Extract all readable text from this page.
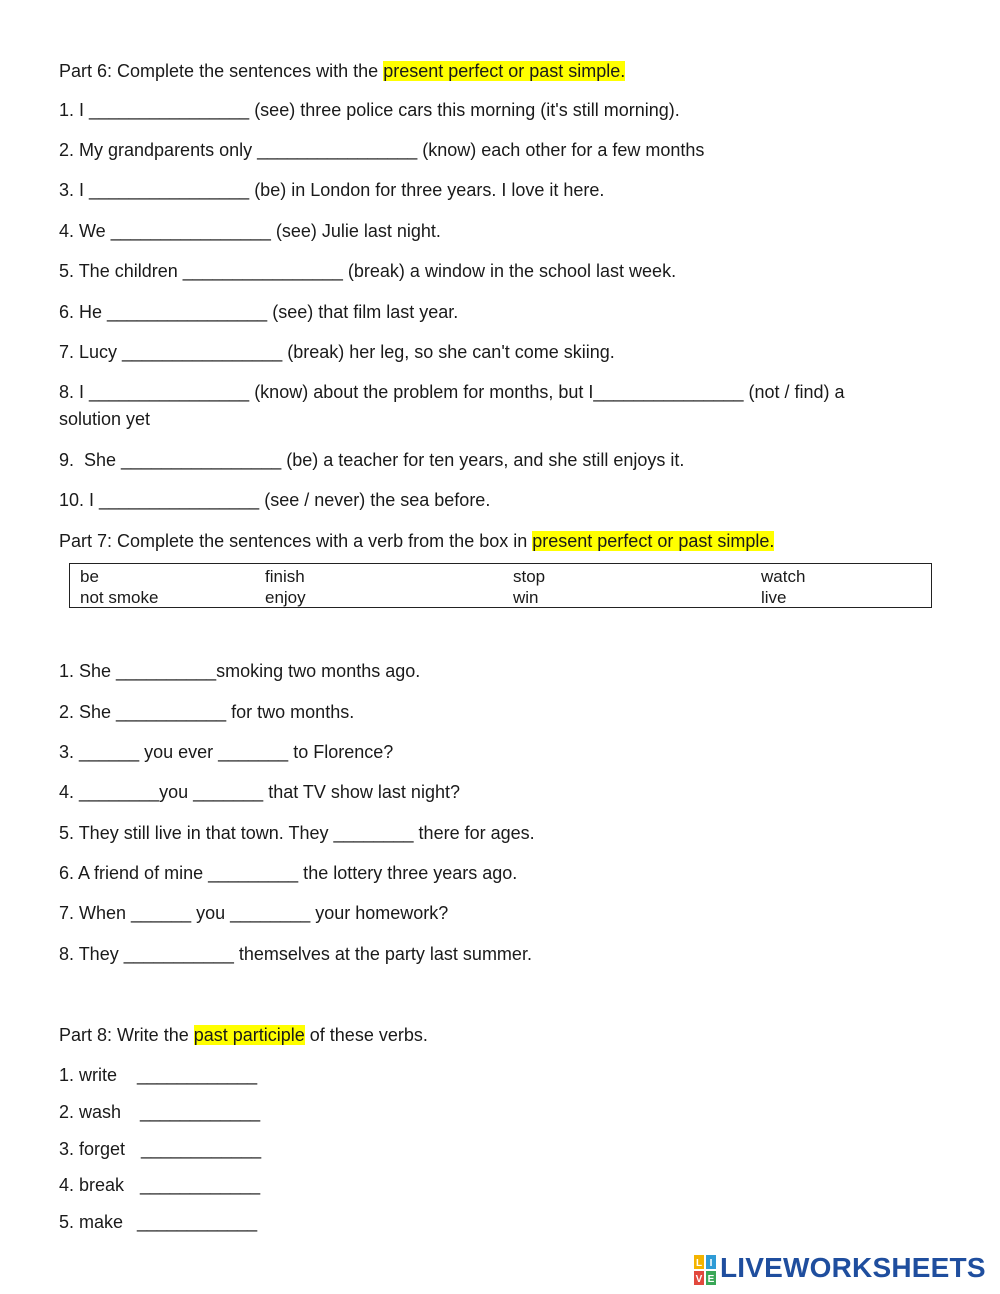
Part 6: Complete the sentences with the present perfect or past simple.
1. I ________________ (see) three police cars this morning (it's still morning).
2. My grandparents only ________________ (know) each other for a few months
3. I ________________ (be) in London for three years. I love it here.
4. We ________________ (see) Julie last night.
5. The children ________________ (break) a window in the school last week.
6. He ________________ (see) that film last year.
7. Lucy ________________ (break) her leg, so she can't come skiing.
8. I ________________ (know) about the problem for months, but I_______________ (not / find) a
solution yet
9.  She ________________ (be) a teacher for ten years, and she still enjoys it.
10. I ________________ (see / never) the sea before.
Part 7: Complete the sentences with a verb from the box in present perfect or past simple.
be	finish	stop	watch
not smoke	enjoy	win	live
1. She __________smoking two months ago.
2. She ___________ for two months.
3. ______ you ever _______ to Florence?
4. ________you _______ that TV show last night?
5. They still live in that town. They ________ there for ages.
6. A friend of mine _________ the lottery three years ago.
7. When ______ you ________ your homework?
8. They ___________ themselves at the party last summer.
Part 8: Write the past participle of these verbs.
1. write ____________
2. wash ____________
3. forget ____________
4. break ____________
5. make ____________
L I
V E LIVEWORKSHEETS
